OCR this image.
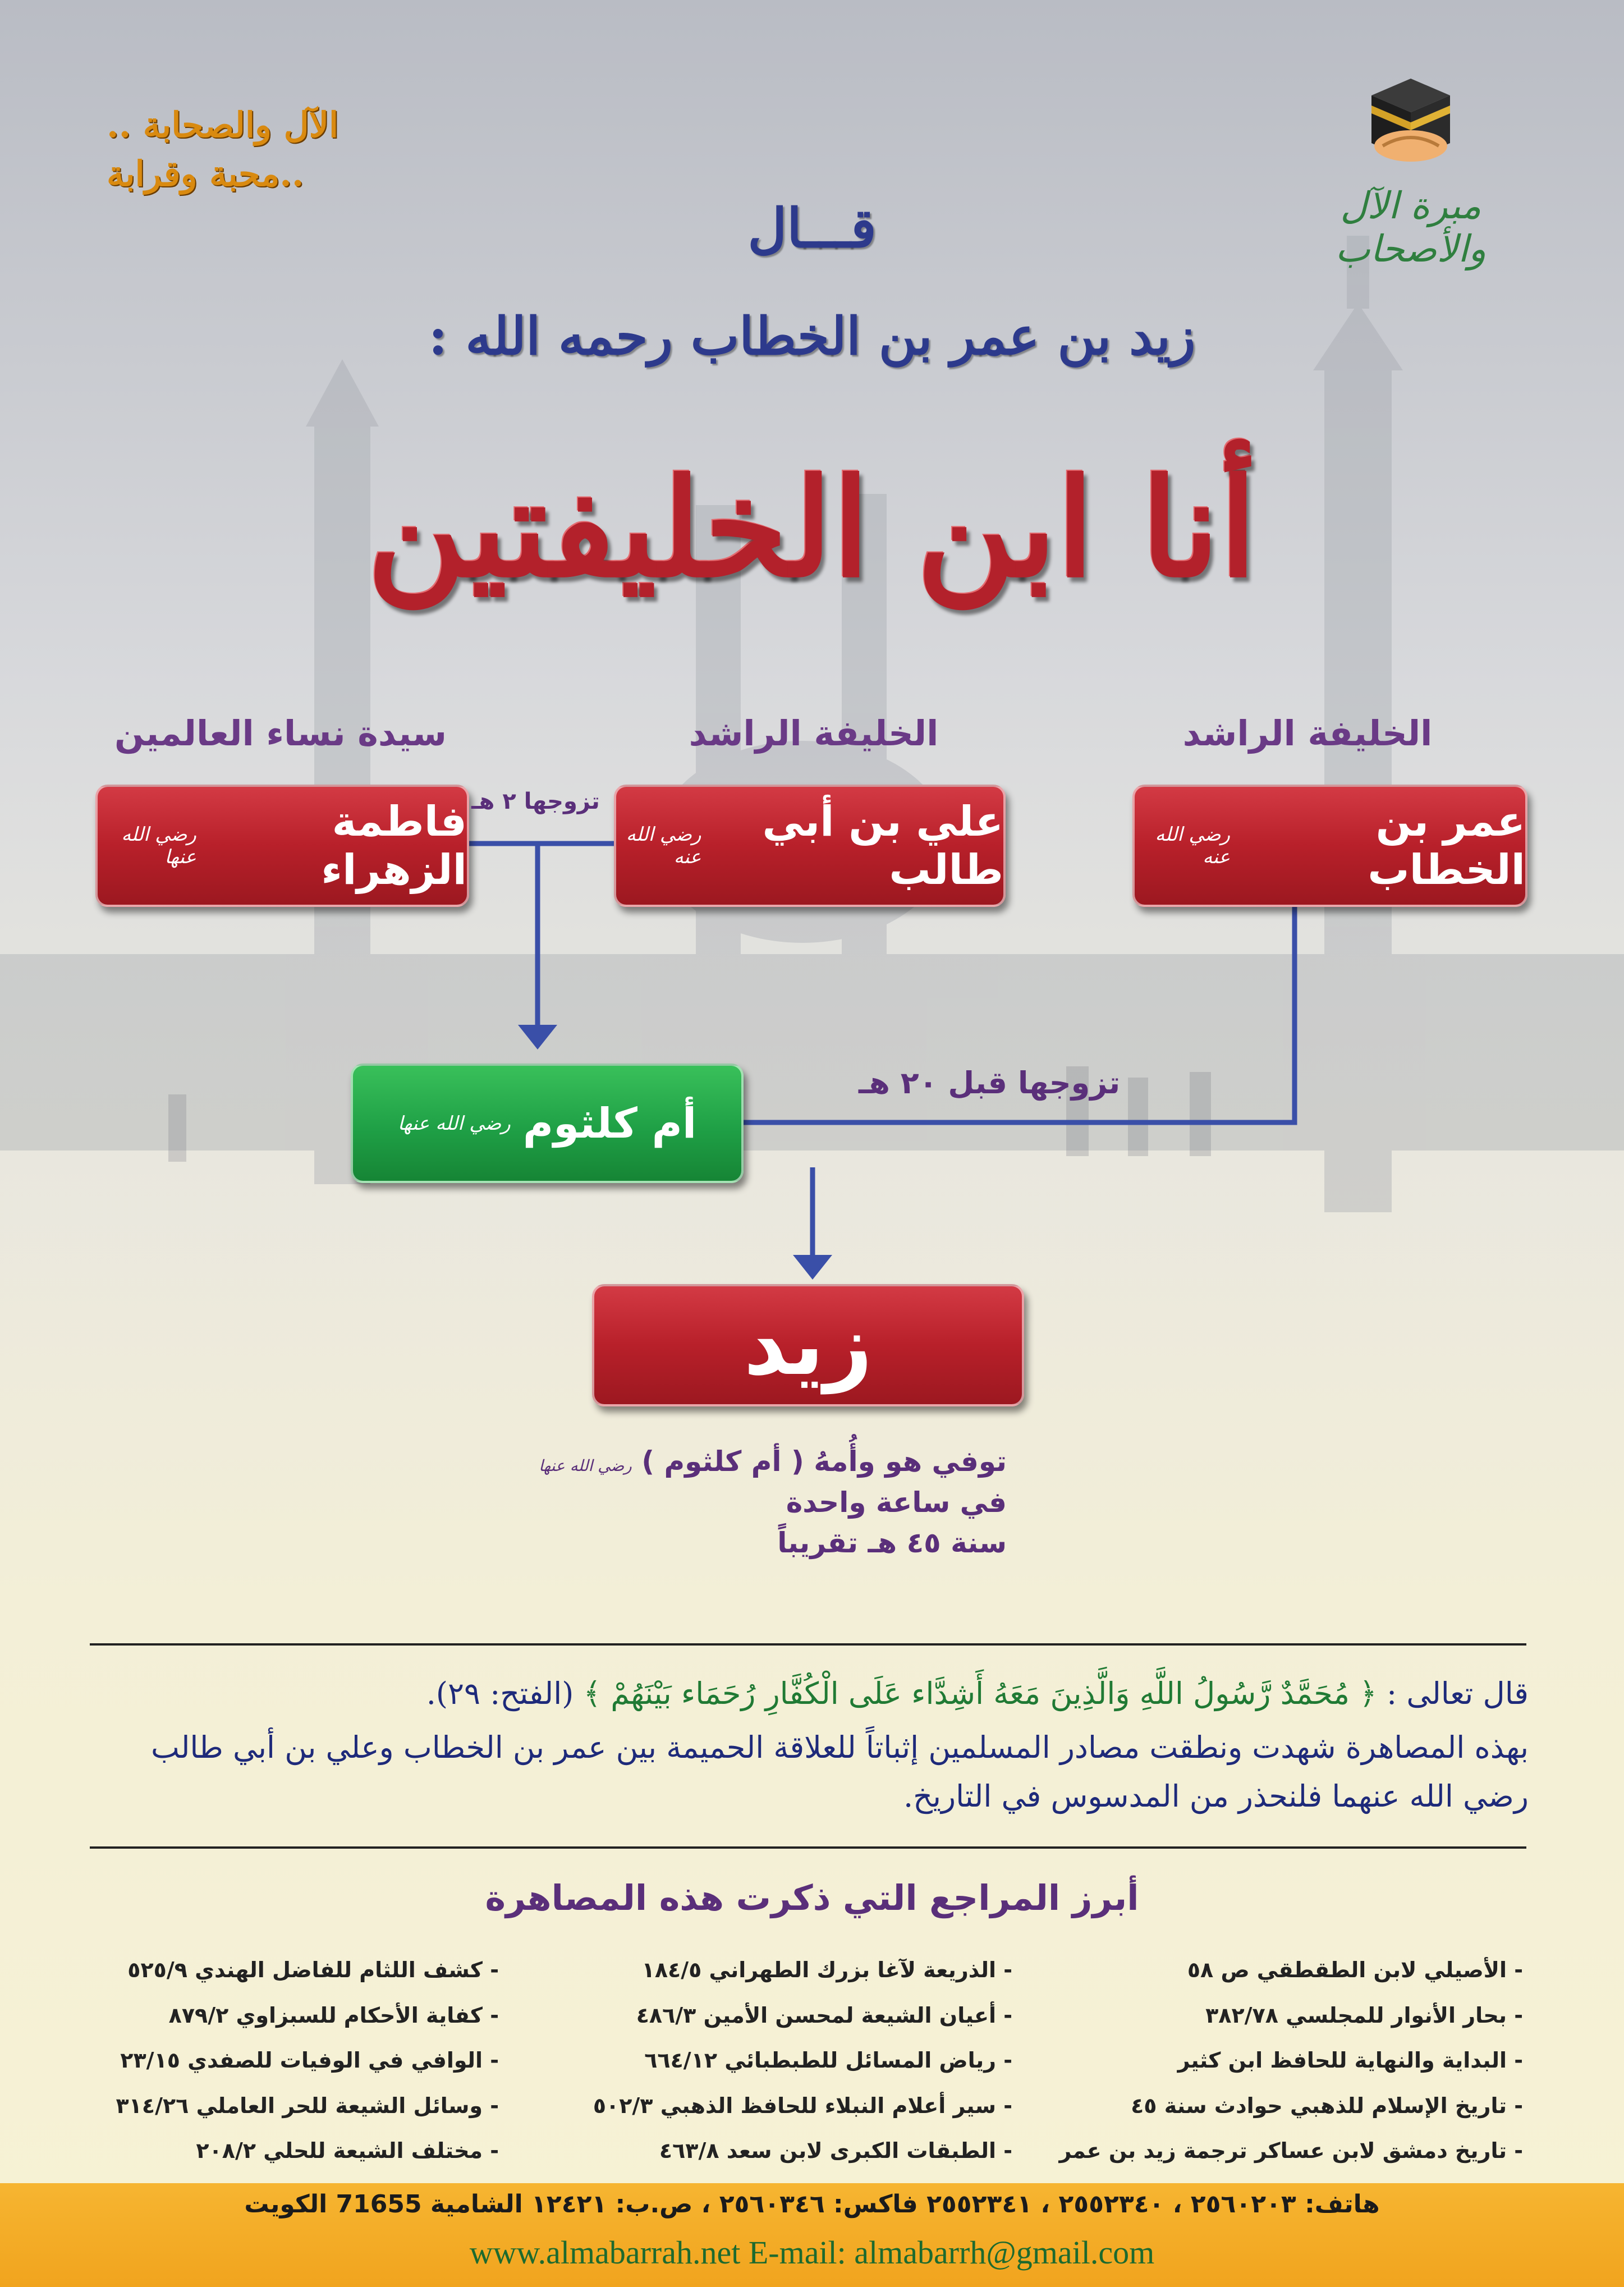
مبرة الآل والأصحاب
الآل والصحابة ..
..محبة وقرابة
قـــال
زيد بن عمر بن الخطاب رحمه الله :
أنا ابن الخليفتين
الخليفة الراشد
الخليفة الراشد
سيدة نساء العالمين
عمر بن الخطاب
رضي الله عنه
علي بن أبي طالب
رضي الله عنه
فاطمة الزهراء
رضي الله عنها
أم كلثوم
رضي الله عنها
زيد
تزوجها ٢ هـ
تزوجها قبل ٢٠ هـ
توفي هو وأُمهُ ( أم كلثوم ) رضي الله عنها
في ساعة واحدة
سنة ٤٥ هـ تقريباً
قال تعالى : ﴿ مُحَمَّدٌ رَّسُولُ اللَّهِ وَالَّذِينَ مَعَهُ أَشِدَّاء عَلَى الْكُفَّارِ رُحَمَاء بَيْنَهُمْ ﴾ (الفتح: ٢٩).
بهذه المصاهرة شهدت ونطقت مصادر المسلمين إثباتاً للعلاقة الحميمة بين عمر بن الخطاب وعلي بن أبي طالب رضي الله عنهما فلنحذر من المدسوس في التاريخ.
أبرز المراجع التي ذكرت هذه المصاهرة
- الأصيلي لابن الطقطقي ص ٥٨
- بحار الأنوار للمجلسي ٣٨٢/٧٨
- البداية والنهاية للحافظ ابن كثير
- تاريخ الإسلام للذهبي حوادث سنة ٤٥
- تاريخ دمشق لابن عساكر ترجمة زيد بن عمر
- الذريعة لآغا بزرك الطهراني ١٨٤/٥
- أعيان الشيعة لمحسن الأمين ٤٨٦/٣
- رياض المسائل للطبطبائي ٦٦٤/١٢
- سير أعلام النبلاء للحافظ الذهبي ٥٠٢/٣
- الطبقات الكبرى لابن سعد ٤٦٣/٨
- كشف اللثام للفاضل الهندي ٥٢٥/٩
- كفاية الأحكام للسبزاوي ٨٧٩/٢
- الوافي في الوفيات للصفدي ٢٣/١٥
- وسائل الشيعة للحر العاملي ٣١٤/٢٦
- مختلف الشيعة للحلي ٢٠٨/٢
هاتف: ٢٥٦٠٢٠٣ ، ٢٥٥٢٣٤٠ ، ٢٥٥٢٣٤١ فاكس: ٢٥٦٠٣٤٦ ، ص.ب: ١٢٤٢١ الشامية 71655 الكويت
www.almabarrah.net E-mail: almabarrh@gmail.com
